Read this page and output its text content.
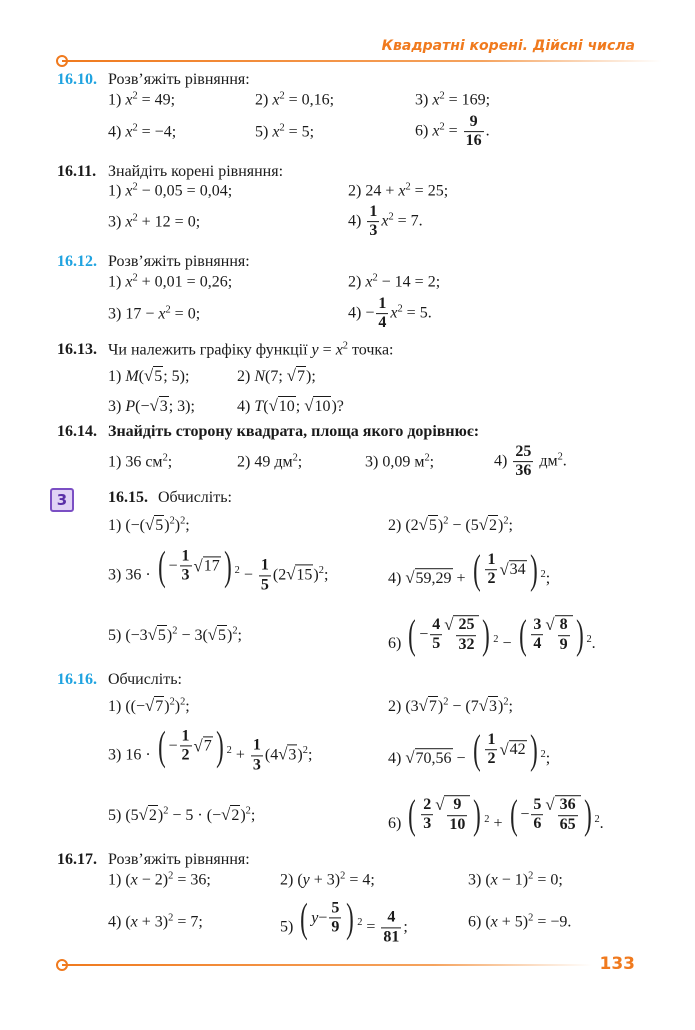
Квадратні корені. Дійсні числа
16.10. Розв’яжіть рівняння:
1) $x^2 = 49$;	2) $x^2 = 0,16$;	3) $x^2 = 169$;
4) $x^2 = -4$;	5) $x^2 = 5$;	6) $x^2 = \frac{9}{16}$ .
16.11. Знайдіть корені рівняння:
1) $x^2 - 0,05 = 0,04$;	2) $24 + x^2 = 25$;
3) $x^2 + 12 = 0$;	$4) \frac{1}{3} x^2 = 7$.
16.12. Розв’яжіть рівняння:
1) $x^2 + 0,01 = 0,26$;	2) $x^2 - 14 = 2$;
3) $17 - x^2 = 0$;	$4) - \frac{1}{4} x^2 = 5$.
16.13. Чи належить графіку функції $y = x^2$ точка:
1) M( √ 5 ; 5);	2) N(7; √ 7 );
3) P(− √ 3 ; 3);	4) T( √ 10 ; √ 10 )?
16.14. Знайдіть сторону квадрата, площа якого дорівнює:
1) 36 $см^2$;	2) 49 $дм^2$;	3) 0,09 $м^2$;	$4) \frac{25}{36} дм^2$.
3	16.15. Обчисліть:
1) (−( √ 5 )$^2$)$^2$;	2) (2 √ 5 )$^2$ − (5 √ 2 )$^2$;
3) 36 · ( − $\frac{1}{3}$ √ 17 ) $^2 - \frac{1}{5} (2$ √ 15 )$^2$;	4) √ 59,29 + ( $\frac{1}{2}$ √ 34 ) $^2$;
5) (−3 √ 5 )$^2$ − 3( √ 5 )$^2$;	6) ( − $\frac{4}{5}$ √ $\frac{25}{32}$ ) $^2$ − ( $\frac{3}{4}$ √ $\frac{8}{9}$ ) $^2$.
16.16. Обчисліть:
1) ((− √ 7 )$^2$)$^2$;	2) (3 √ 7 )$^2$ − (7 √ 3 )$^2$;
3) 16 · ( − $\frac{1}{2}$ √ 7 ) $^2 + \frac{1}{3} (4$ √ 3 )$^2$;	4) √ 70,56 − ( $\frac{1}{2}$ √ 42 ) $^2$;
5) (5 √ 2 )$^2$ − 5 · (− √ 2 )$^2$;	6) ( $\frac{2}{3}$ √ $\frac{9}{10}$ ) $^2$ + ( − $\frac{5}{6}$ √ $\frac{36}{65}$ ) $^2$.
16.17. Розв’яжіть рівняння:
1) $(x - 2)^2 = 36$;	2) $(y + 3)^2 = 4$;	3) $(x - 1)^2 = 0$;
4) $(x + 3)^2 = 7$;	5) ( $y - \frac{5}{9}$ ) $^2 = \frac{4}{81}$ ;	6) $(x + 5)^2 = -9$.
133
